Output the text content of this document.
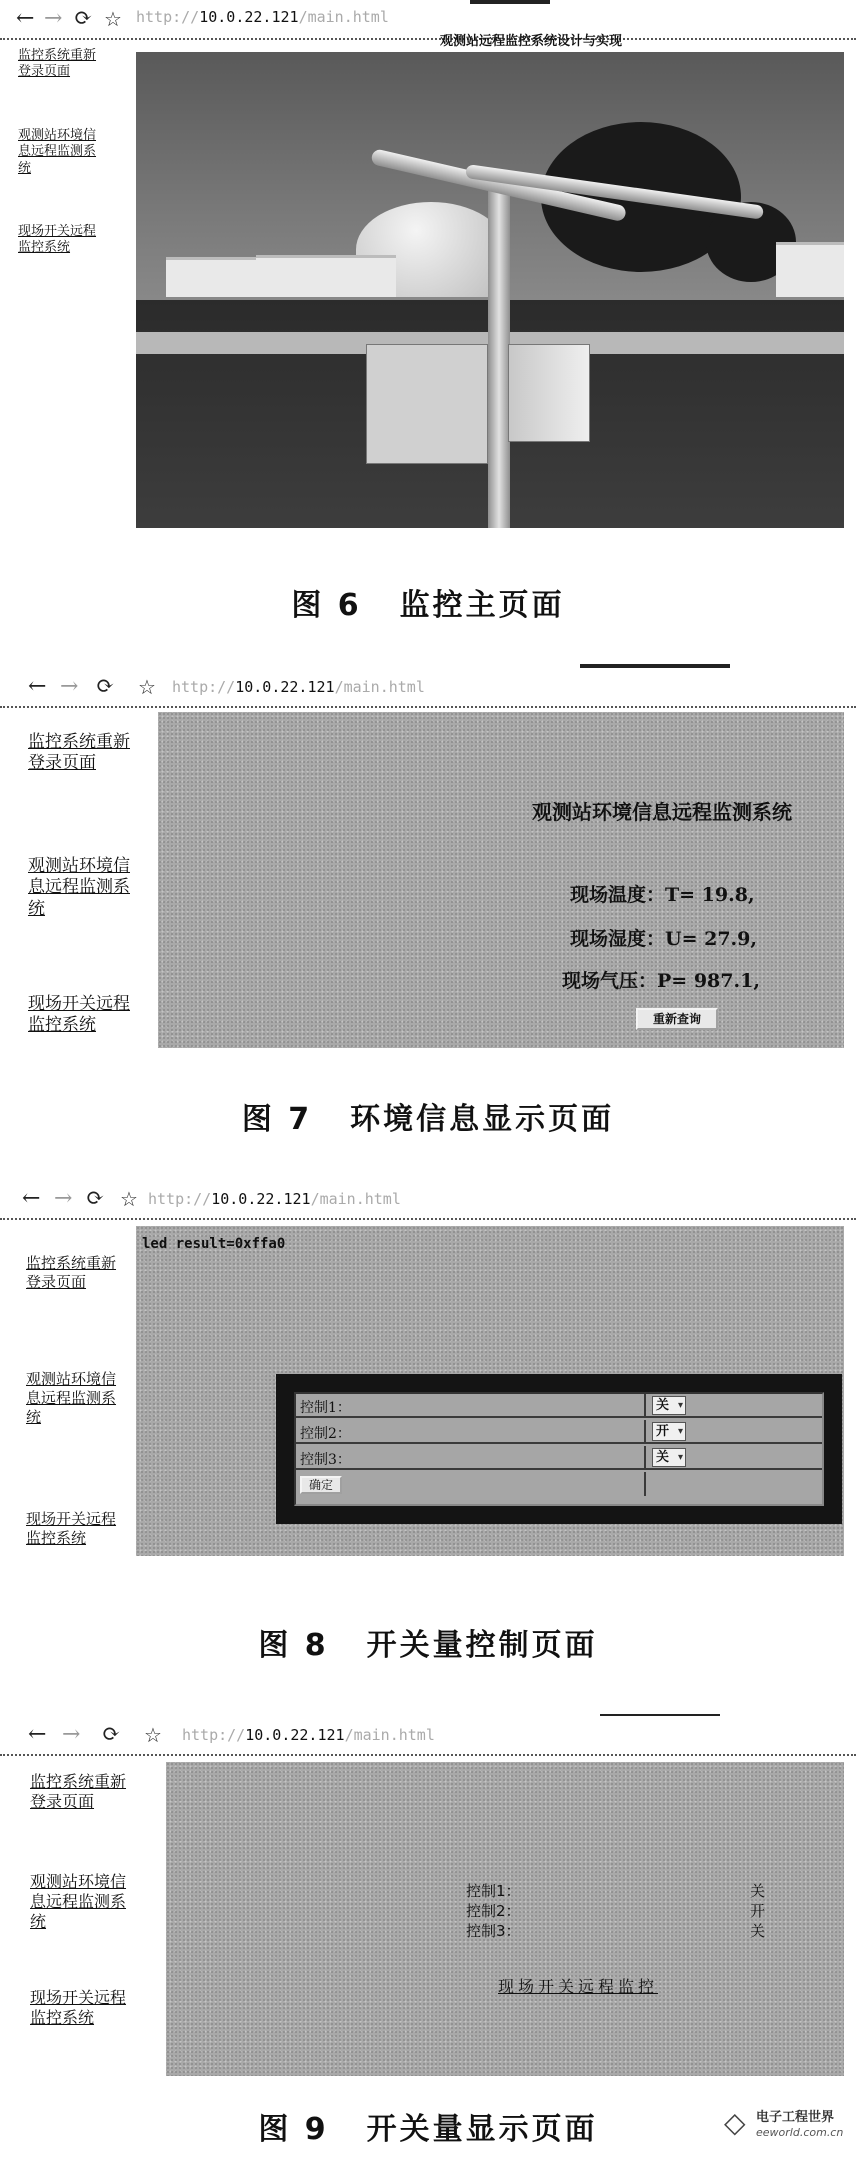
← → ⟳ ☆ http://10.0.22.121/main.html
监控系统重新登录页面
观测站环境信息远程监测系统
现场开关远程监控系统
观测站远程监控系统设计与实现
图 6 监控主页面
← → ⟳ ☆ http://10.0.22.121/main.html
监控系统重新登录页面
观测站环境信息远程监测系统
现场开关远程监控系统
观测站环境信息远程监测系统
现场温度：T= 19.8,
现场湿度：U= 27.9,
现场气压：P= 987.1,
重新查询
图 7 环境信息显示页面
← → ⟳ ☆ http://10.0.22.121/main.html
监控系统重新登录页面
观测站环境信息远程监测系统
现场开关远程监控系统
led result=0xffa0
控制1：	关 ▾
控制2：	开 ▾
控制3：	关 ▾
确定
图 8 开关量控制页面
← → ⟳ ☆ http://10.0.22.121/main.html
监控系统重新登录页面
观测站环境信息远程监测系统
现场开关远程监控系统
控制1：	关
控制2：	开
控制3：	关
现场开关远程监控
图 9 开关量显示页面	◇ 电子工程世界
eeworld.com.cn
